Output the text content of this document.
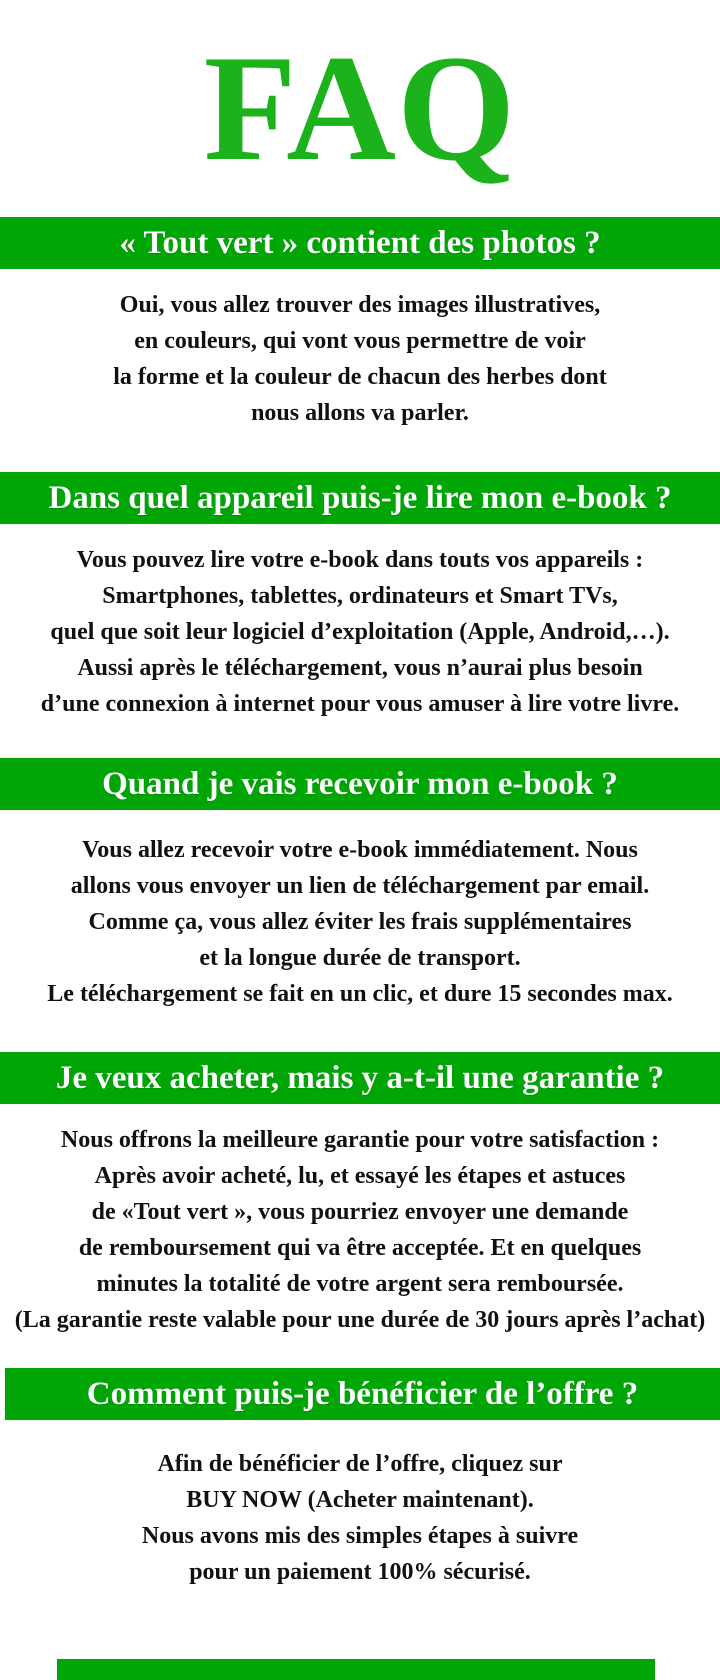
FAQ
« Tout vert » contient des photos ?
Oui, vous allez trouver des images illustratives,
en couleurs, qui vont vous permettre de voir
la forme et la couleur de chacun des herbes dont
nous allons va parler.
Dans quel appareil puis-je lire mon e-book ?
Vous pouvez lire votre e-book dans touts vos appareils :
Smartphones, tablettes, ordinateurs et Smart TVs,
quel que soit leur logiciel d’exploitation (Apple, Android,…).
Aussi après le téléchargement, vous n’aurai plus besoin
d’une connexion à internet pour vous amuser à lire votre livre.
Quand je vais recevoir mon e-book ?
Vous allez recevoir votre e-book immédiatement. Nous
allons vous envoyer un lien de téléchargement par email.
Comme ça, vous allez éviter les frais supplémentaires
et la longue durée de transport.
Le téléchargement se fait en un clic, et dure 15 secondes max.
Je veux acheter, mais y a-t-il une garantie ?
Nous offrons la meilleure garantie pour votre satisfaction :
Après avoir acheté, lu, et essayé les étapes et astuces
de «Tout vert », vous pourriez envoyer une demande
de remboursement qui va être acceptée. Et en quelques
minutes la totalité de votre argent sera remboursée.
(La garantie reste valable pour une durée de 30 jours après l’achat)
Comment puis-je bénéficier de l’offre ?
Afin de bénéficier de l’offre, cliquez sur
BUY NOW (Acheter maintenant).
Nous avons mis des simples étapes à suivre
pour un paiement 100% sécurisé.
